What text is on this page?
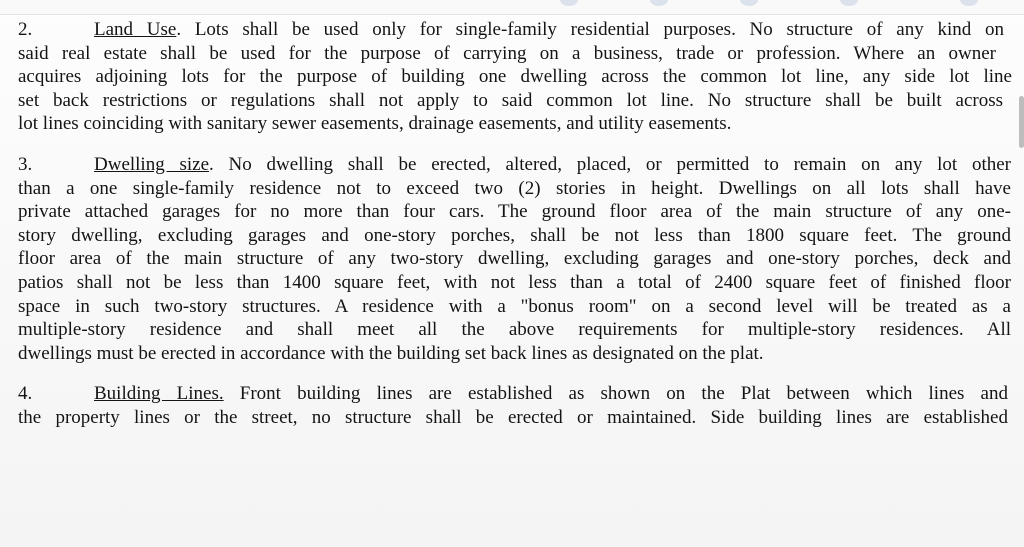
2.	Land Use. Lots shall be used only for single-family residential purposes. No structure of any kind on
said real estate shall be used for the purpose of carrying on a business, trade or profession. Where an owner
acquires adjoining lots for the purpose of building one dwelling across the common lot line, any side lot line
set back restrictions or regulations shall not apply to said common lot line. No structure shall be built across
lot lines coinciding with sanitary sewer easements, drainage easements, and utility easements.
3.	Dwelling size. No dwelling shall be erected, altered, placed, or permitted to remain on any lot other
than a one single-family residence not to exceed two (2) stories in height. Dwellings on all lots shall have
private attached garages for no more than four cars. The ground floor area of the main structure of any one-
story dwelling, excluding garages and one-story porches, shall be not less than 1800 square feet. The ground
floor area of the main structure of any two-story dwelling, excluding garages and one-story porches, deck and
patios shall not be less than 1400 square feet, with not less than a total of 2400 square feet of finished floor
space in such two-story structures. A residence with a "bonus room" on a second level will be treated as a
multiple-story residence and shall meet all the above requirements for multiple-story residences. All
dwellings must be erected in accordance with the building set back lines as designated on the plat.
4.	Building Lines. Front building lines are established as shown on the Plat between which lines and
the property lines or the street, no structure shall be erected or maintained. Side building lines are established
